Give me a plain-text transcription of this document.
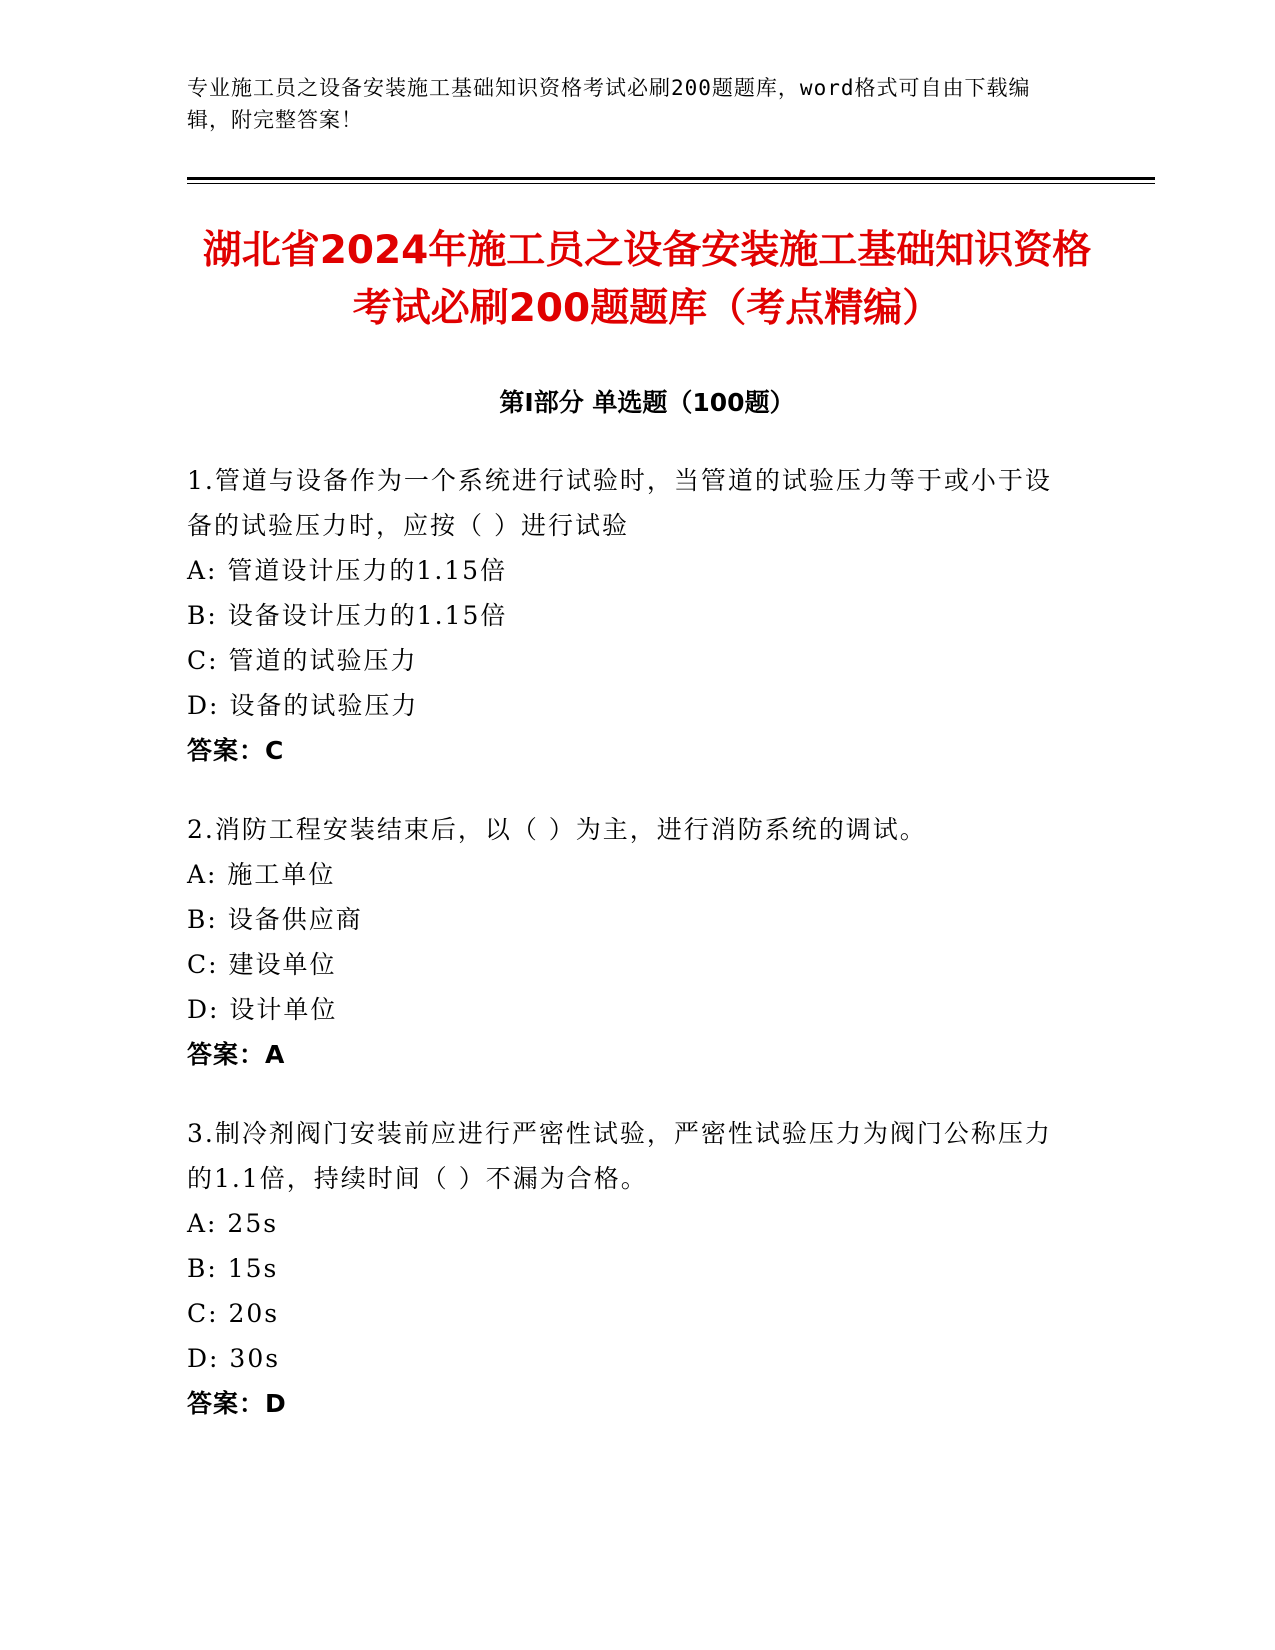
专业施工员之设备安装施工基础知识资格考试必刷200题题库，word格式可自由下载编辑，附完整答案！
湖北省2024年施工员之设备安装施工基础知识资格考试必刷200题题库（考点精编）
第Ⅰ部分 单选题（100题）

1.管道与设备作为一个系统进行试验时，当管道的试验压力等于或小于设备的试验压力时，应按（ ）进行试验

A: 管道设计压力的1.15倍

B: 设备设计压力的1.15倍

C: 管道的试验压力

D: 设备的试验压力

答案：C

2.消防工程安装结束后，以（ ）为主，进行消防系统的调试。

A: 施工单位

B: 设备供应商

C: 建设单位

D: 设计单位

答案：A

3.制冷剂阀门安装前应进行严密性试验，严密性试验压力为阀门公称压力的1.1倍，持续时间（ ）不漏为合格。

A: 25s

B: 15s

C: 20s

D: 30s

答案：D
